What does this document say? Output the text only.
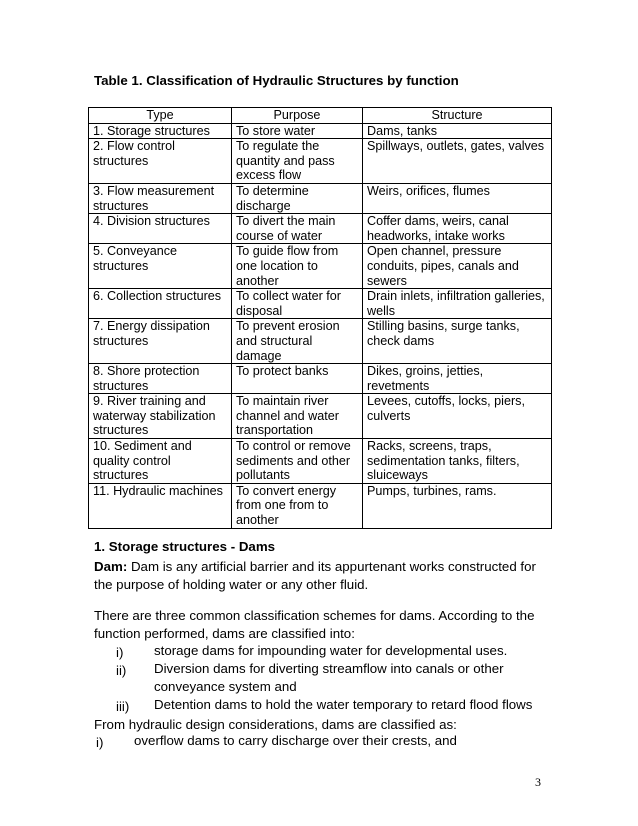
Table 1. Classification of Hydraulic Structures by function
Type	Purpose	Structure
1. Storage structures	To store water	Dams, tanks
2. Flow control structures	To regulate the quantity and pass excess flow	Spillways, outlets, gates, valves
3. Flow measurement structures	To determine discharge	Weirs, orifices, flumes
4. Division structures	To divert the main course of water	Coffer dams, weirs, canal headworks, intake works
5. Conveyance structures	To guide flow from one location to another	Open channel, pressure conduits, pipes, canals and sewers
6. Collection structures	To collect water for disposal	Drain inlets, infiltration galleries, wells
7. Energy dissipation structures	To prevent erosion and structural damage	Stilling basins, surge tanks, check dams
8. Shore protection structures	To protect banks	Dikes, groins, jetties, revetments
9. River training and waterway stabilization structures	To maintain river channel and water transportation	Levees, cutoffs, locks, piers, culverts
10. Sediment and quality control structures	To control or remove sediments and other pollutants	Racks, screens, traps, sedimentation tanks, filters, sluiceways
11. Hydraulic machines	To convert energy from one from to another	Pumps, turbines, rams.
1. Storage structures - Dams
Dam: Dam is any artificial barrier and its appurtenant works constructed for the purpose of holding water or any other fluid.
There are three common classification schemes for dams. According to the function performed, dams are classified into:
i) storage dams for impounding water for developmental uses.
ii) Diversion dams for diverting streamflow into canals or other conveyance system and
iii) Detention dams to hold the water temporary to retard flood flows
From hydraulic design considerations, dams are classified as:
i) overflow dams to carry discharge over their crests, and
3
